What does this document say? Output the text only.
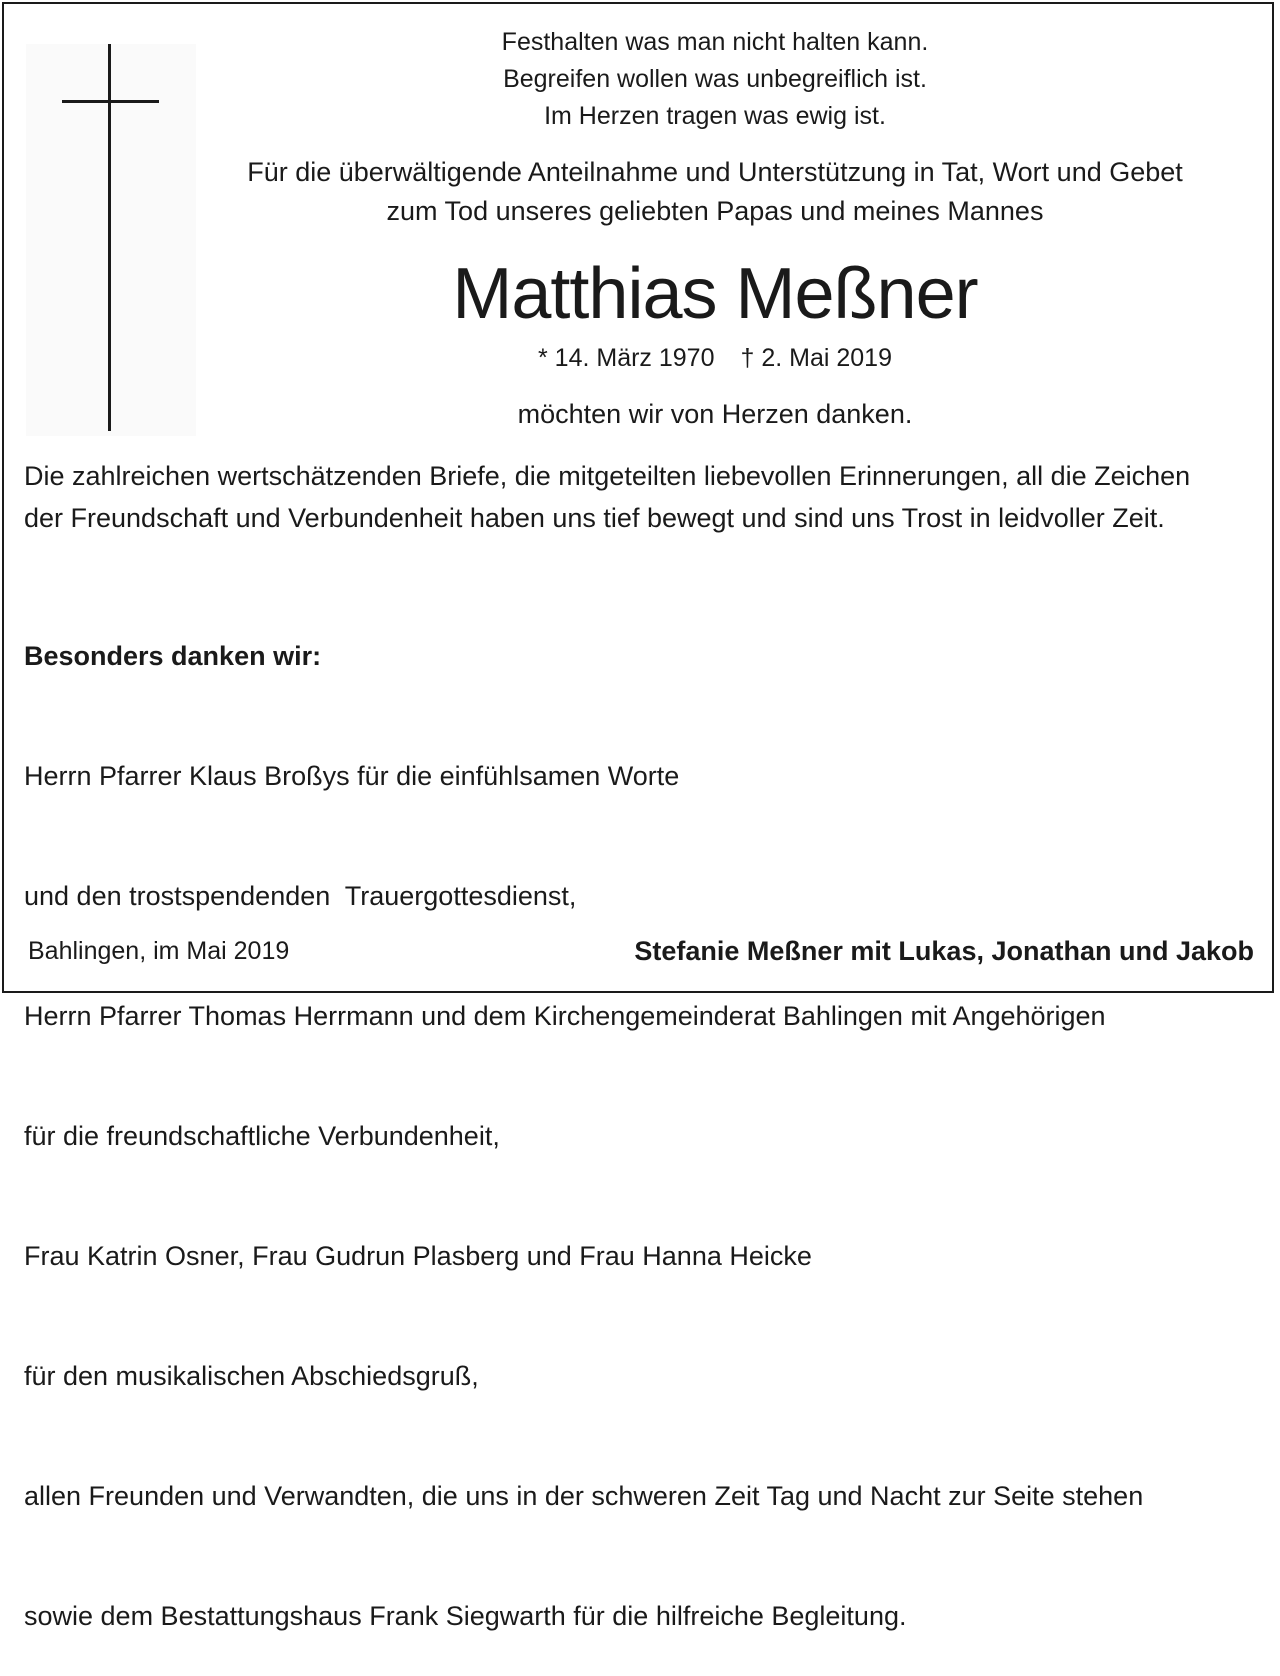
Festhalten was man nicht halten kann.
Begreifen wollen was unbegreiflich ist.
Im Herzen tragen was ewig ist.
Für die überwältigende Anteilnahme und Unterstützung in Tat, Wort und Gebet
zum Tod unseres geliebten Papas und meines Mannes
Matthias Meßner
* 14. März 1970 † 2. Mai 2019
möchten wir von Herzen danken.
Die zahlreichen wertschätzenden Briefe, die mitgeteilten liebevollen Erinnerungen, all die Zeichen
der Freundschaft und Verbundenheit haben uns tief bewegt und sind uns Trost in leidvoller Zeit.

Besonders danken wir:

Herrn Pfarrer Klaus Broßys für die einfühlsamen Worte

und den trostspendenden  Trauergottesdienst,

Herrn Pfarrer Thomas Herrmann und dem Kirchengemeinderat Bahlingen mit Angehörigen

für die freundschaftliche Verbundenheit,

Frau Katrin Osner, Frau Gudrun Plasberg und Frau Hanna Heicke

für den musikalischen Abschiedsgruß,

allen Freunden und Verwandten, die uns in der schweren Zeit Tag und Nacht zur Seite stehen

sowie dem Bestattungshaus Frank Siegwarth für die hilfreiche Begleitung.

Bahlingen, im Mai 2019	Stefanie Meßner mit Lukas, Jonathan und Jakob
